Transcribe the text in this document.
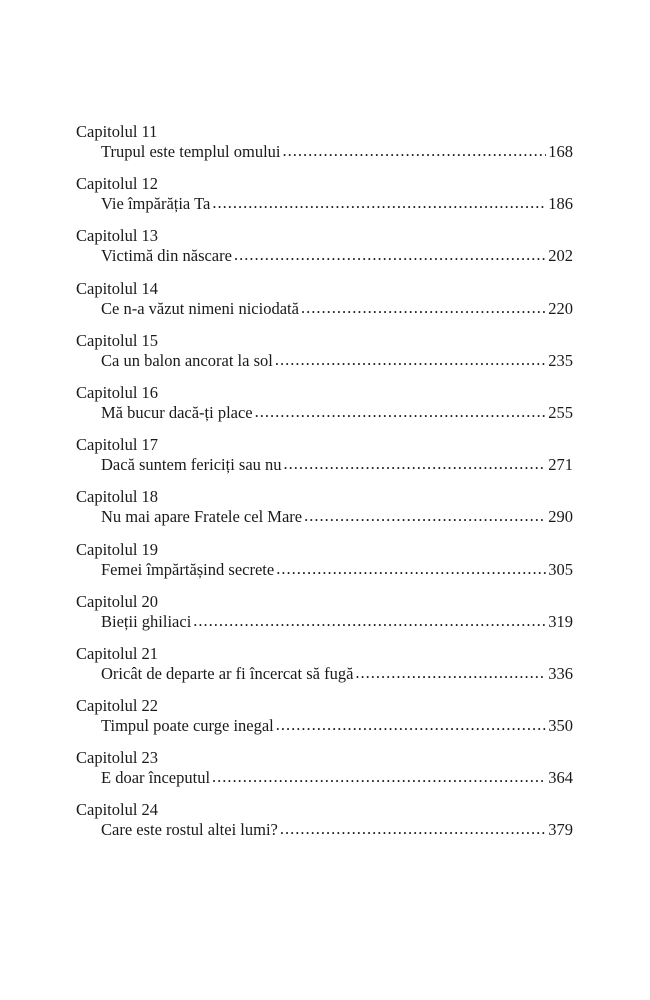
Capitolul 11
Trupul este templul omului .....	168
Capitolul 12
Vie împărăția Ta .....	186
Capitolul 13
Victimă din născare .....	202
Capitolul 14
Ce n-a văzut nimeni niciodată .....	220
Capitolul 15
Ca un balon ancorat la sol .....	235
Capitolul 16
Mă bucur dacă-ți place .....	255
Capitolul 17
Dacă suntem fericiți sau nu .....	271
Capitolul 18
Nu mai apare Fratele cel Mare .....	290
Capitolul 19
Femei împărtășind secrete .....	305
Capitolul 20
Bieții ghiliaci .....	319
Capitolul 21
Oricât de departe ar fi încercat să fugă .....	336
Capitolul 22
Timpul poate curge inegal .....	350
Capitolul 23
E doar începutul .....	364
Capitolul 24
Care este rostul altei lumi? .....	379
